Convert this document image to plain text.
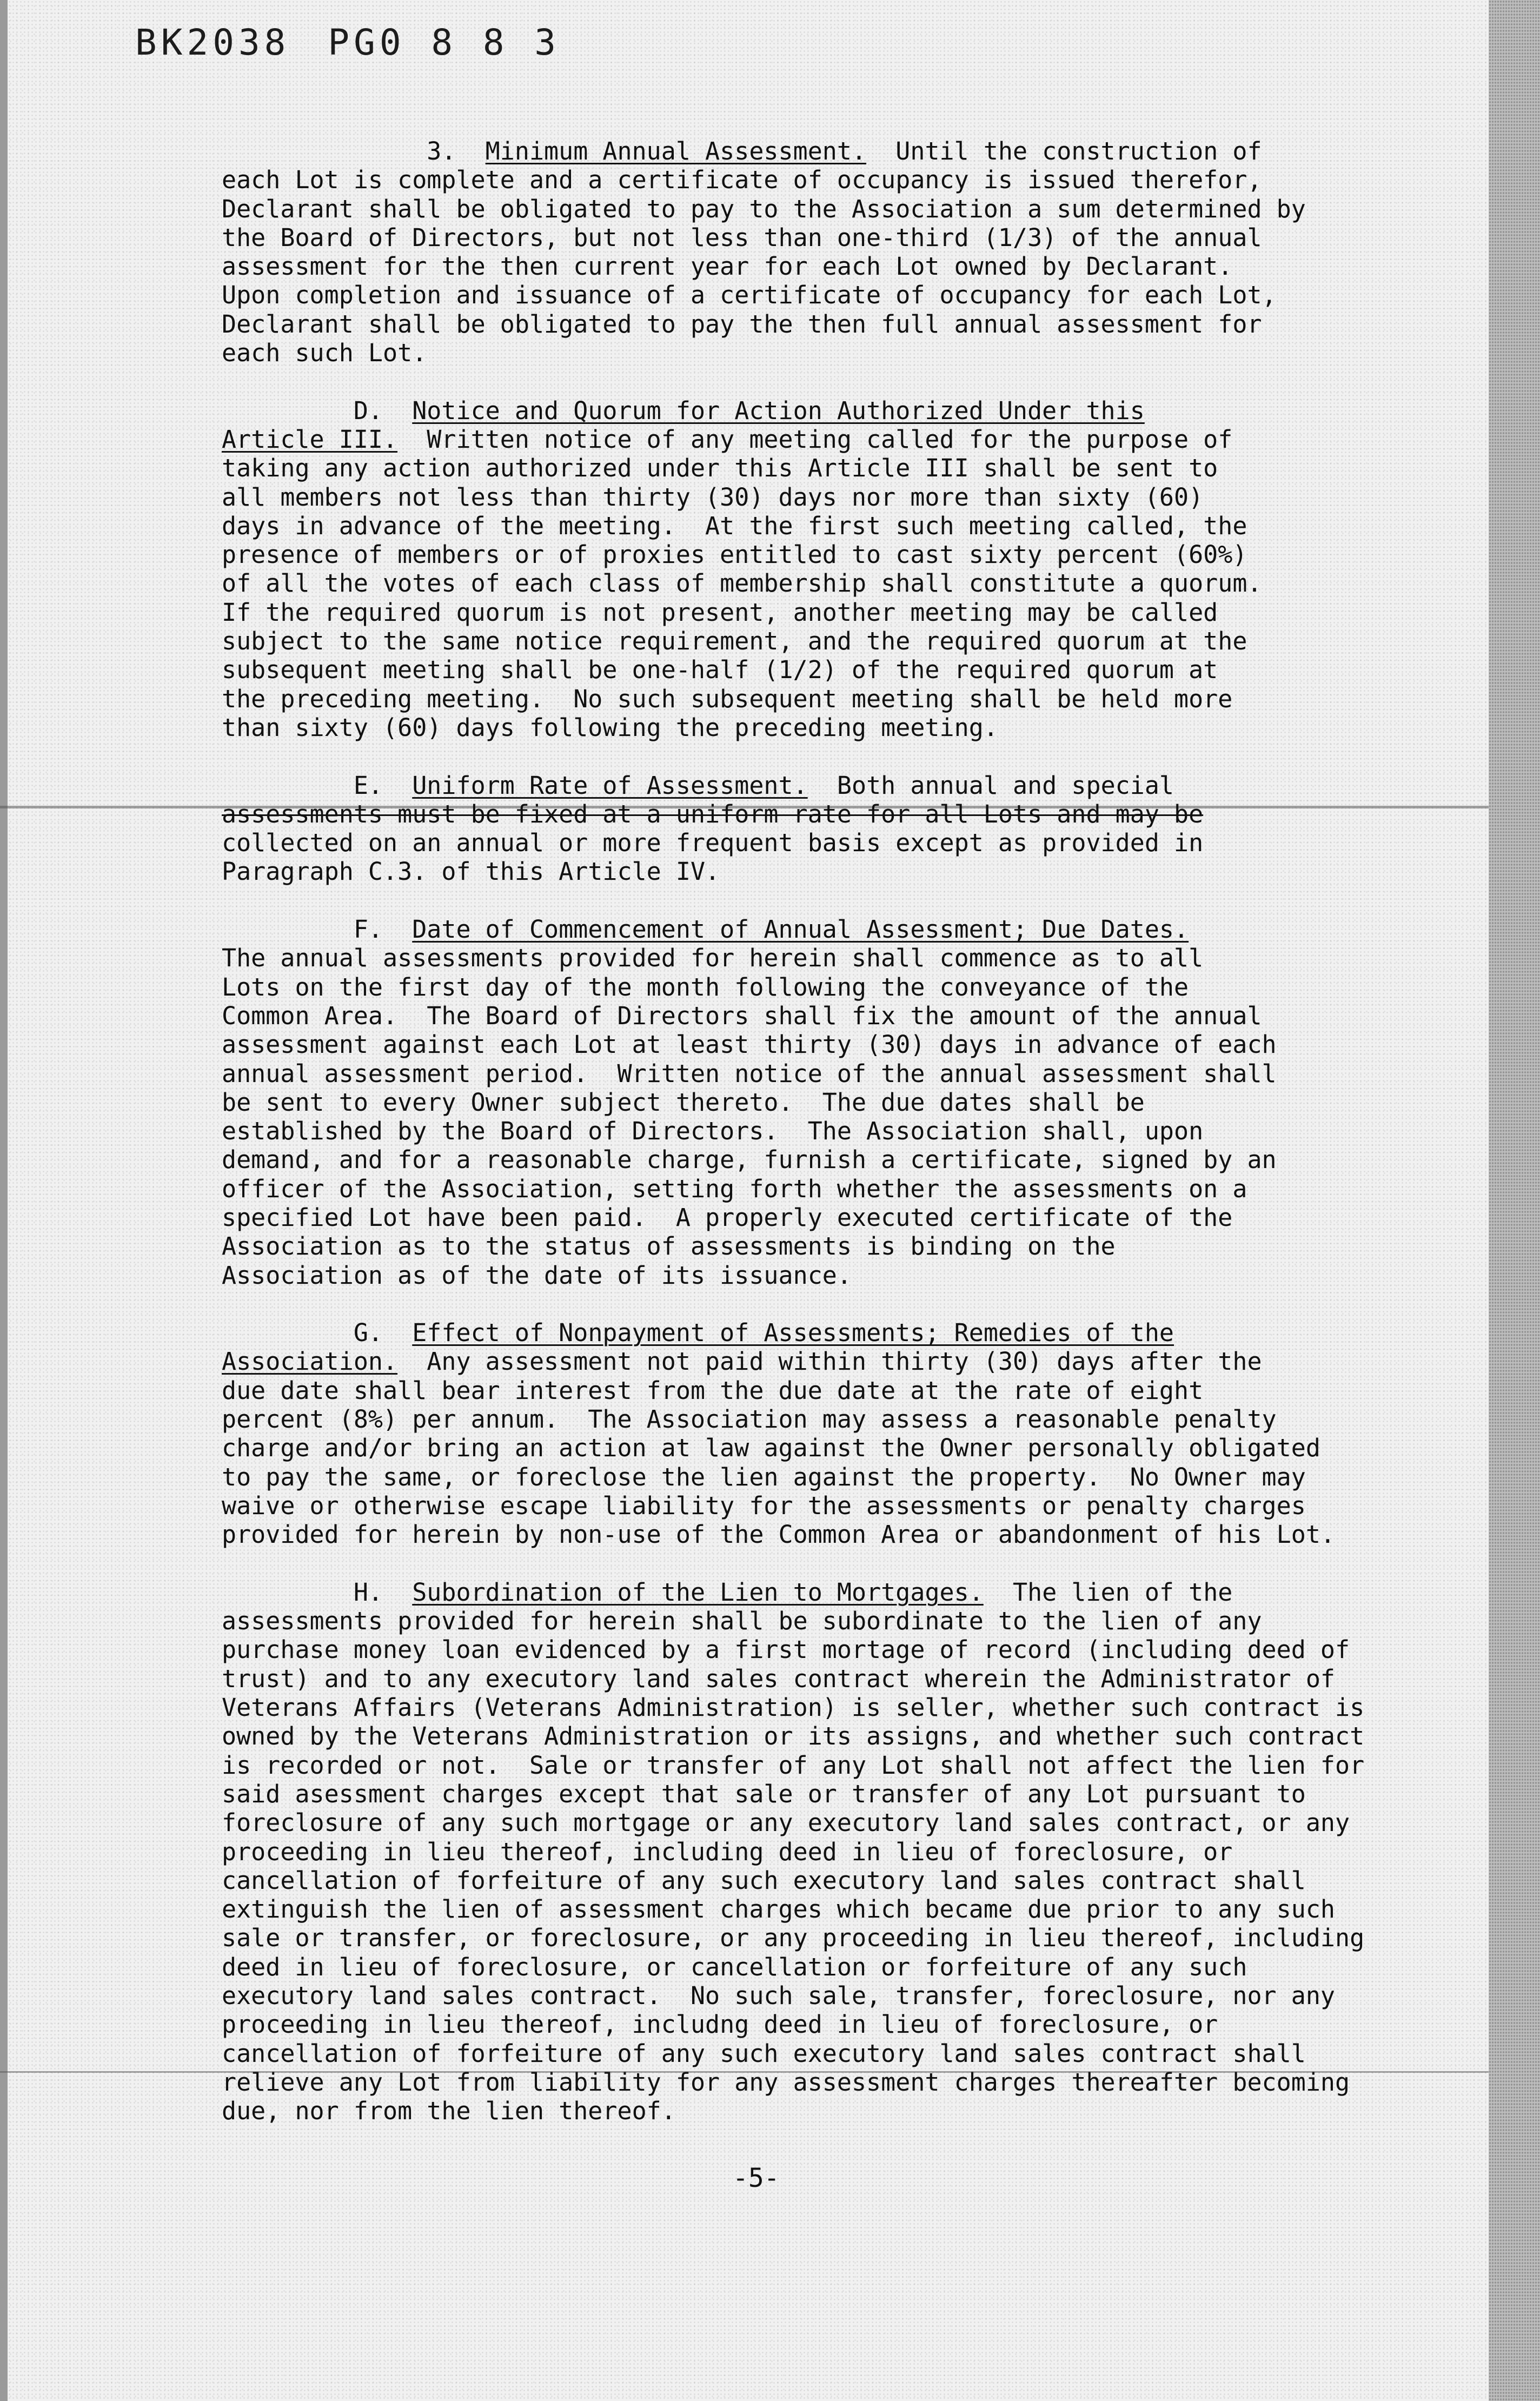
BK2038 PG0 8 8 3
3.  Minimum Annual Assessment.  Until the construction of
each Lot is complete and a certificate of occupancy is issued therefor,
Declarant shall be obligated to pay to the Association a sum determined by
the Board of Directors, but not less than one-third (1/3) of the annual
assessment for the then current year for each Lot owned by Declarant.
Upon completion and issuance of a certificate of occupancy for each Lot,
Declarant shall be obligated to pay the then full annual assessment for
each such Lot.
D.  Notice and Quorum for Action Authorized Under this
Article III.  Written notice of any meeting called for the purpose of
taking any action authorized under this Article III shall be sent to
all members not less than thirty (30) days nor more than sixty (60)
days in advance of the meeting.  At the first such meeting called, the
presence of members or of proxies entitled to cast sixty percent (60%)
of all the votes of each class of membership shall constitute a quorum.
If the required quorum is not present, another meeting may be called
subject to the same notice requirement, and the required quorum at the
subsequent meeting shall be one-half (1/2) of the required quorum at
the preceding meeting.  No such subsequent meeting shall be held more
than sixty (60) days following the preceding meeting.
E.  Uniform Rate of Assessment.  Both annual and special
assessments must be fixed at a uniform rate for all Lots and may be
collected on an annual or more frequent basis except as provided in
Paragraph C.3. of this Article IV.
F.  Date of Commencement of Annual Assessment; Due Dates.
The annual assessments provided for herein shall commence as to all
Lots on the first day of the month following the conveyance of the
Common Area.  The Board of Directors shall fix the amount of the annual
assessment against each Lot at least thirty (30) days in advance of each
annual assessment period.  Written notice of the annual assessment shall
be sent to every Owner subject thereto.  The due dates shall be
established by the Board of Directors.  The Association shall, upon
demand, and for a reasonable charge, furnish a certificate, signed by an
officer of the Association, setting forth whether the assessments on a
specified Lot have been paid.  A properly executed certificate of the
Association as to the status of assessments is binding on the
Association as of the date of its issuance.
G.  Effect of Nonpayment of Assessments; Remedies of the
Association.  Any assessment not paid within thirty (30) days after the
due date shall bear interest from the due date at the rate of eight
percent (8%) per annum.  The Association may assess a reasonable penalty
charge and/or bring an action at law against the Owner personally obligated
to pay the same, or foreclose the lien against the property.  No Owner may
waive or otherwise escape liability for the assessments or penalty charges
provided for herein by non-use of the Common Area or abandonment of his Lot.
H.  Subordination of the Lien to Mortgages.  The lien of the
assessments provided for herein shall be subordinate to the lien of any
purchase money loan evidenced by a first mortage of record (including deed of
trust) and to any executory land sales contract wherein the Administrator of
Veterans Affairs (Veterans Administration) is seller, whether such contract is
owned by the Veterans Administration or its assigns, and whether such contract
is recorded or not.  Sale or transfer of any Lot shall not affect the lien for
said asessment charges except that sale or transfer of any Lot pursuant to
foreclosure of any such mortgage or any executory land sales contract, or any
proceeding in lieu thereof, including deed in lieu of foreclosure, or
cancellation of forfeiture of any such executory land sales contract shall
extinguish the lien of assessment charges which became due prior to any such
sale or transfer, or foreclosure, or any proceeding in lieu thereof, including
deed in lieu of foreclosure, or cancellation or forfeiture of any such
executory land sales contract.  No such sale, transfer, foreclosure, nor any
proceeding in lieu thereof, includng deed in lieu of foreclosure, or
cancellation of forfeiture of any such executory land sales contract shall
relieve any Lot from liability for any assessment charges thereafter becoming
due, nor from the lien thereof.
-5-
